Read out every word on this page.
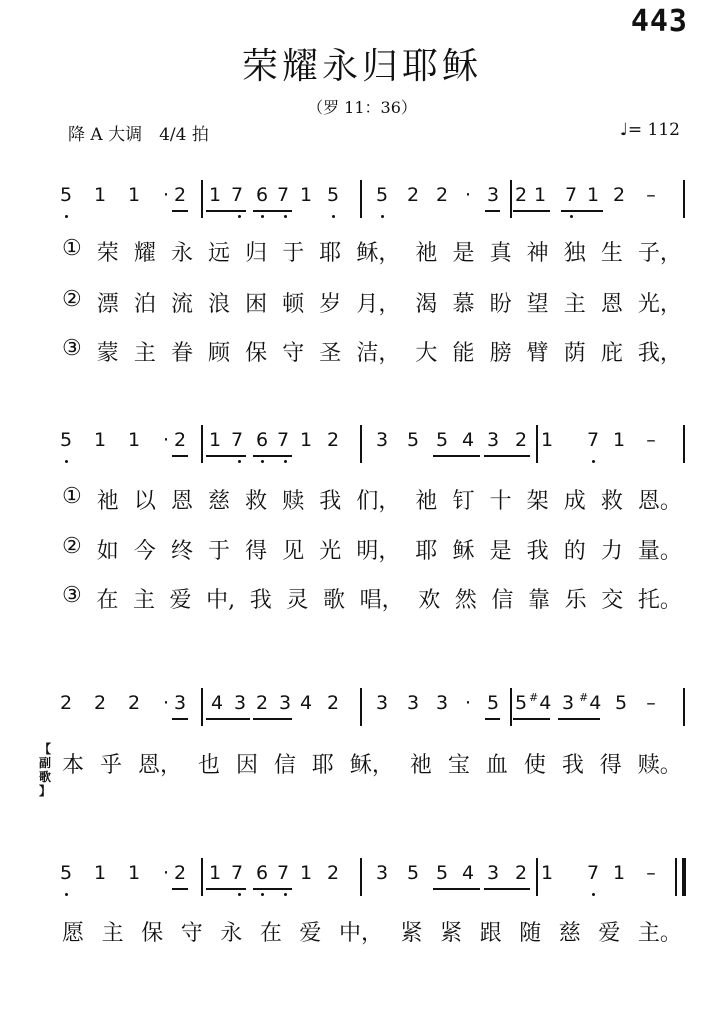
443
荣耀永归耶稣
（罗 11：36）
降 A 大调　4/4 拍	♩= 112
5 1 1	· 2 1 7 6 7 1 5 5 2 2 · 3 2 1 7 1 2 –
① 荣 耀 永 远 归 于 耶 稣， 祂 是 真 神 独 生 子，
② 漂 泊 流 浪 困 顿 岁 月， 渴 慕 盼 望 主 恩 光，
③ 蒙 主 眷 顾 保 守 圣 洁， 大 能 膀 臂 荫 庇 我，
5 1 1	· 2 1 7 6 7 1 2 3 5 5 4 3 2 1 7 1 –
① 祂 以 恩 慈 救 赎 我 们， 祂 钉 十 架 成 救 恩。
② 如 今 终 于 得 见 光 明， 耶 稣 是 我 的 力 量。
③ 在 主 爱 中, 我 灵 歌 唱， 欢 然 信 靠 乐 交 托。
2 2 2	· 3 4 3 2 3 4 2 3 3 3 · 5 5 #4 3 #4 5 –
【
副
歌
】
本 乎 恩， 也 因 信 耶 稣， 祂 宝 血 使 我 得 赎。
5 1 1	· 2 1 7 6 7 1 2 3 5 5 4 3 2 1 7 1 –
愿 主 保 守 永 在 爱 中， 紧 紧 跟 随 慈 爱 主。
